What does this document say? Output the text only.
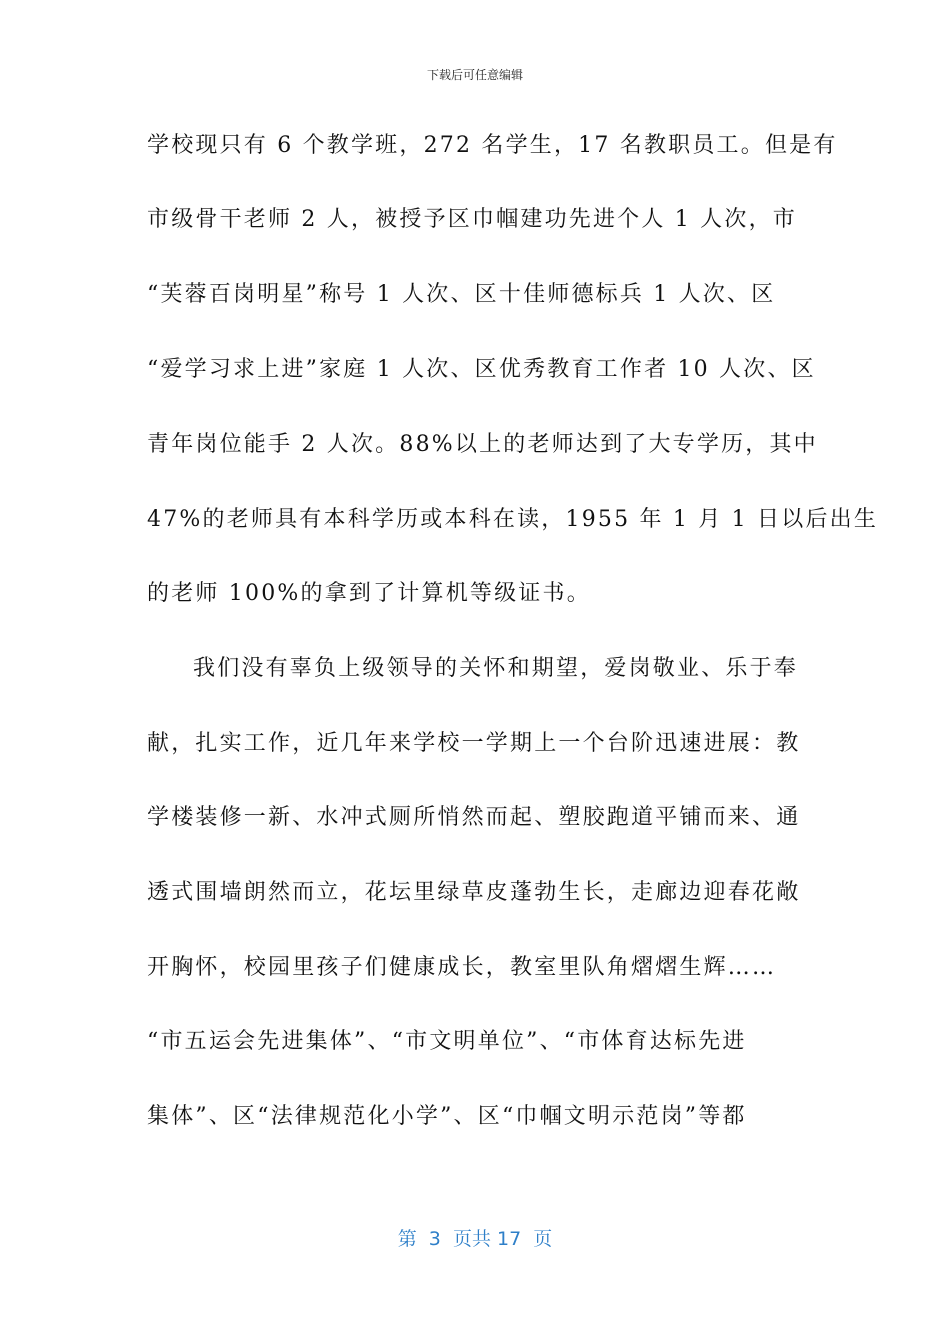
下载后可任意编辑
学校现只有 6 个教学班，272 名学生，17 名教职员工。但是有
市级骨干老师 2 人，被授予区巾帼建功先进个人 1 人次，市
“芙蓉百岗明星”称号 1 人次、区十佳师德标兵 1 人次、区
“爱学习求上进”家庭 1 人次、区优秀教育工作者 10 人次、区
青年岗位能手 2 人次。88%以上的老师达到了大专学历，其中
47%的老师具有本科学历或本科在读，1955 年 1 月 1 日以后出生
的老师 100%的拿到了计算机等级证书。
我们没有辜负上级领导的关怀和期望，爱岗敬业、乐于奉
献，扎实工作，近几年来学校一学期上一个台阶迅速进展：教
学楼装修一新、水冲式厕所悄然而起、塑胶跑道平铺而来、通
透式围墙朗然而立，花坛里绿草皮蓬勃生长，走廊边迎春花敞
开胸怀，校园里孩子们健康成长，教室里队角熠熠生辉……
“市五运会先进集体”、“市文明单位”、“市体育达标先进
集体”、区“法律规范化小学”、区“巾帼文明示范岗”等都
第  3  页共 17  页
